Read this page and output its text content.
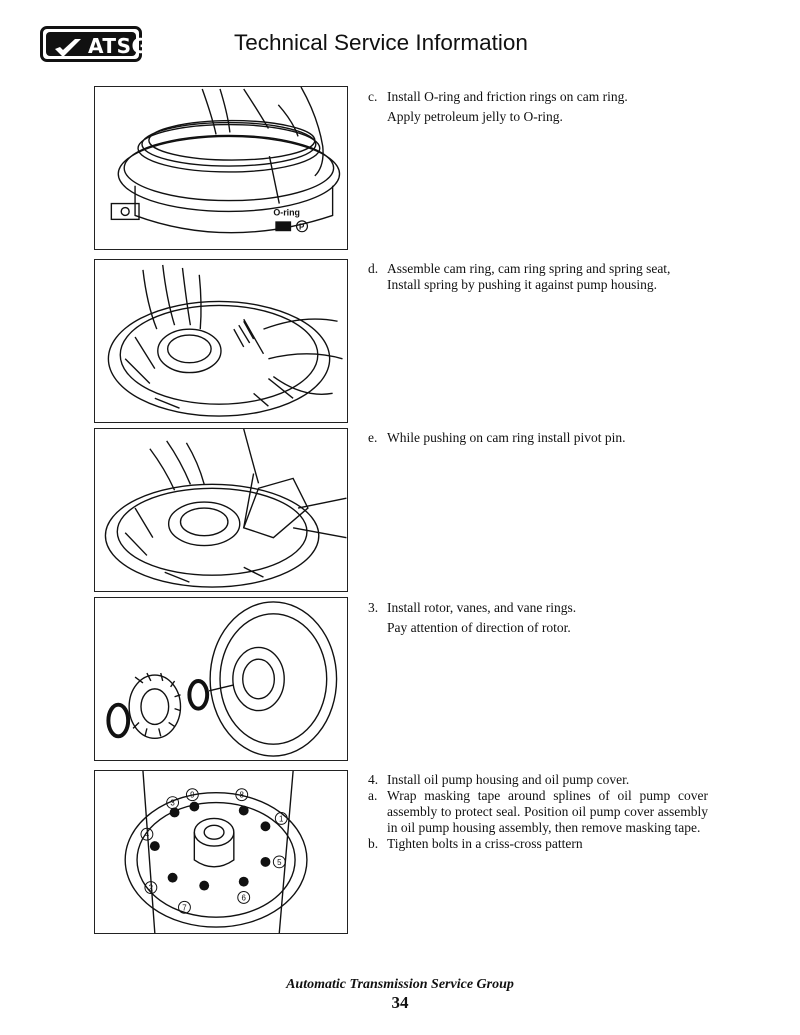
ATSG	Technical Service Information
O-ring
P
c. Install O-ring and friction rings on cam ring.
Apply petroleum jelly to O-ring.
d. Assemble cam ring, cam ring spring and spring seat,
Install spring by pushing it against pump housing.
e. While pushing on cam ring install pivot pin.
3. Install rotor, vanes, and vane rings.
Pay attention of direction of rotor.
1
2
3
4
5
6
7
8
9
4. Install oil pump housing and oil pump cover.
a. Wrap masking tape around splines of oil pump cover assembly to protect seal. Position oil pump cover assembly in oil pump housing assembly, then remove masking tape.
b. Tighten bolts in a criss-cross pattern
Automatic Transmission Service Group
34
